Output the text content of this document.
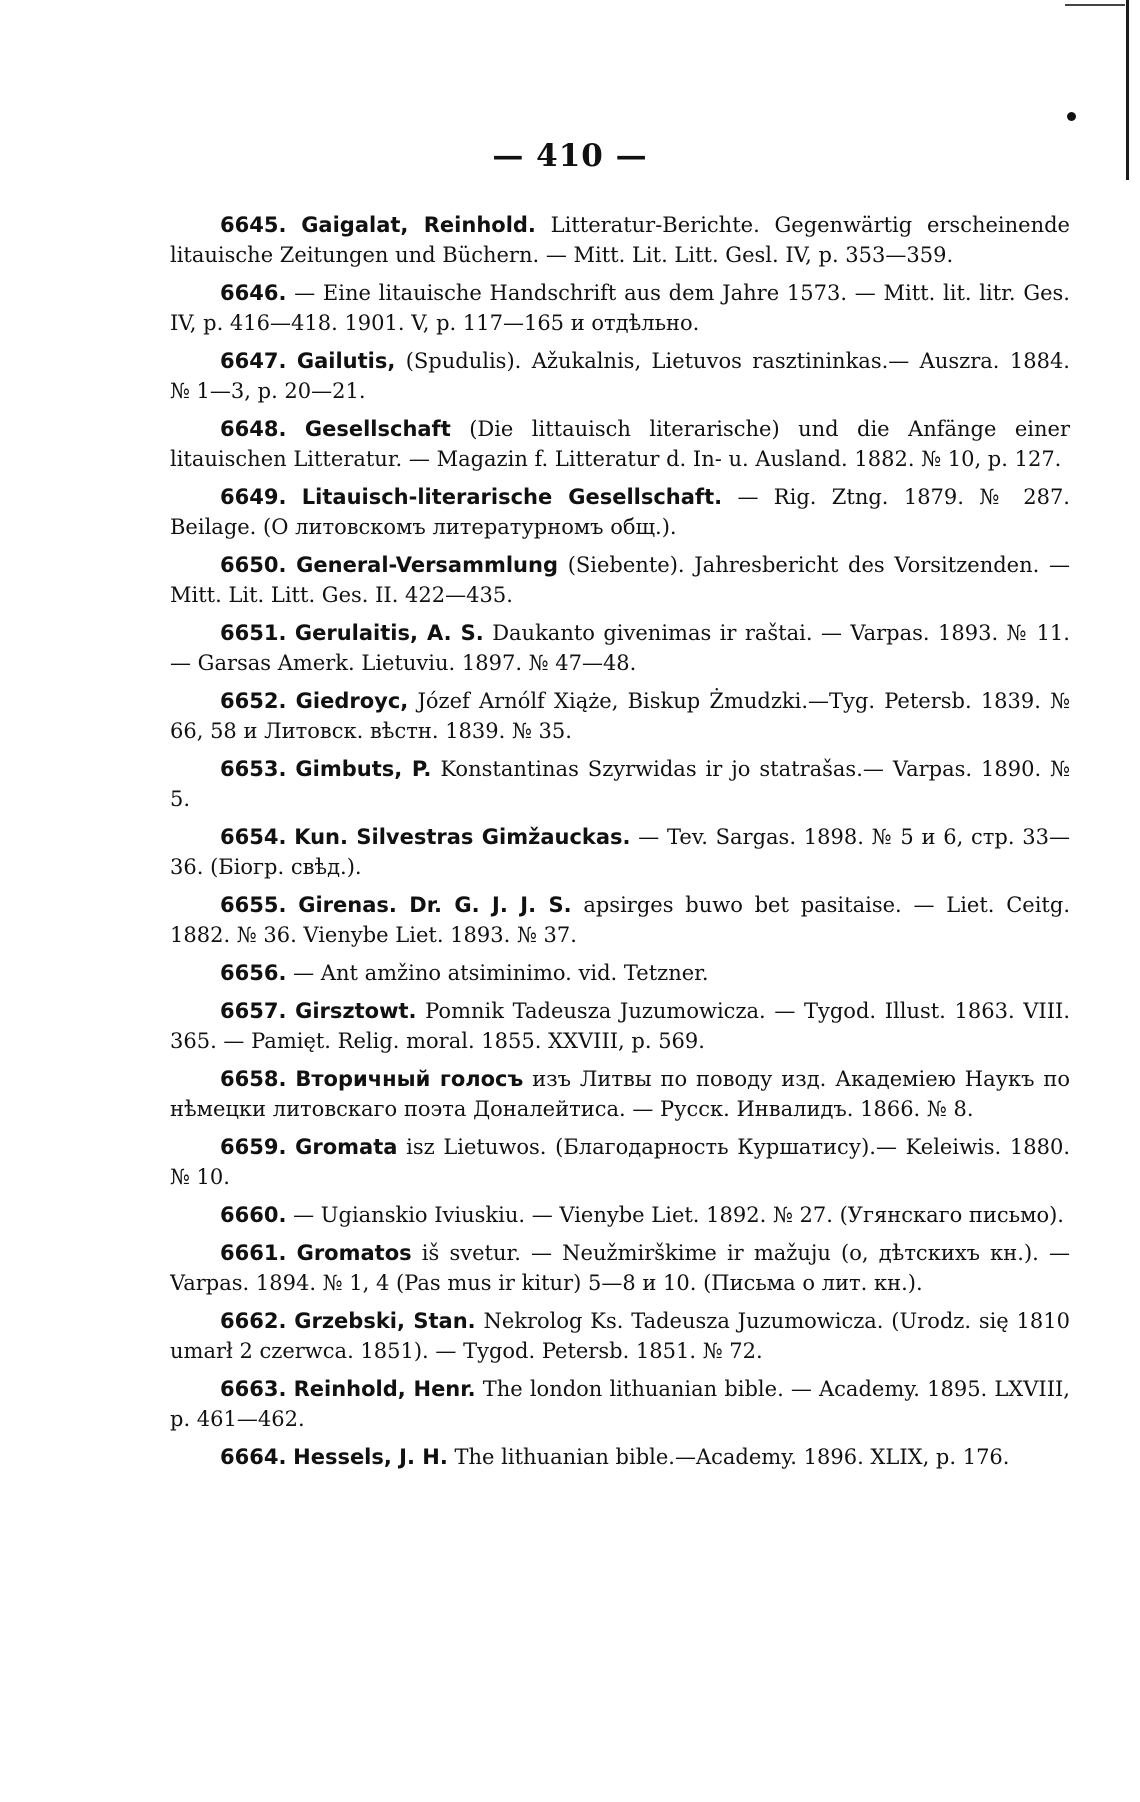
— 410 —

6645. Gaigalat, Reinhold. Litteratur-Berichte. Gegenwärtig erscheinende litauische Zeitungen und Büchern. — Mitt. Lit. Litt. Gesl. IV, p. 353—359.

6646. — Eine litauische Handschrift aus dem Jahre 1573. — Mitt. lit. litr. Ges. IV, p. 416—418. 1901. V, p. 117—165 и отдѣльно.

6647. Gailutis, (Spudulis). Ažukalnis, Lietuvos rasztininkas.— Auszra. 1884. № 1—3, p. 20—21.

6648. Gesellschaft (Die littauisch literarische) und die Anfänge einer litauischen Litteratur. — Magazin f. Litteratur d. In- u. Ausland. 1882. № 10, p. 127.

6649. Litauisch-literarische Gesellschaft. — Rig. Ztng. 1879. № 287. Beilage. (О литовскомъ литературномъ общ.).

6650. General-Versammlung (Siebente). Jahresbericht des Vorsitzenden. — Mitt. Lit. Litt. Ges. II. 422—435.

6651. Gerulaitis, A. S. Daukanto givenimas ir raštai. — Varpas. 1893. № 11. — Garsas Amerk. Lietuviu. 1897. № 47—48.

6652. Giedroyc, Józef Arnólf Xiąże, Biskup Żmudzki.—Tyg. Petersb. 1839. № 66, 58 и Литовск. вѣстн. 1839. № 35.

6653. Gimbuts, P. Konstantinas Szyrwidas ir jo statrašas.— Varpas. 1890. № 5.

6654. Kun. Silvestras Gimžauckas. — Tev. Sargas. 1898. № 5 и 6, стр. 33—36. (Біогр. свѣд.).

6655. Girenas. Dr. G. J. J. S. apsirges buwo bet pasitaise. — Liet. Ceitg. 1882. № 36. Vienybe Liet. 1893. № 37.

6656. — Ant amžino atsiminimo. vid. Tetzner.

6657. Girsztowt. Pomnik Tadeusza Juzumowicza. — Tygod. Illust. 1863. VIII. 365. — Pamięt. Relig. moral. 1855. XXVIII, p. 569.

6658. Вторичный голосъ изъ Литвы по поводу изд. Академіею Наукъ по нѣмецки литовскаго поэта Доналейтиса. — Русск. Инвалидъ. 1866. № 8.

6659. Gromata isz Lietuwos. (Благодарность Куршатису).— Keleiwis. 1880. № 10.

6660. — Ugianskio Iviuskiu. — Vienybe Liet. 1892. № 27. (Угянскаго письмо).

6661. Gromatos iš svetur. — Neužmirškime ir mažuju (о, дѣтскихъ кн.). — Varpas. 1894. № 1, 4 (Pas mus ir kitur) 5—8 и 10. (Письма о лит. кн.).

6662. Grzebski, Stan. Nekrolog Ks. Tadeusza Juzumowicza. (Urodz. się 1810 umarł 2 czerwca. 1851). — Tygod. Petersb. 1851. № 72.

6663. Reinhold, Henr. The london lithuanian bible. — Academy. 1895. LXVIII, p. 461—462.

6664. Hessels, J. H. The lithuanian bible.—Academy. 1896. XLIX, p. 176.
